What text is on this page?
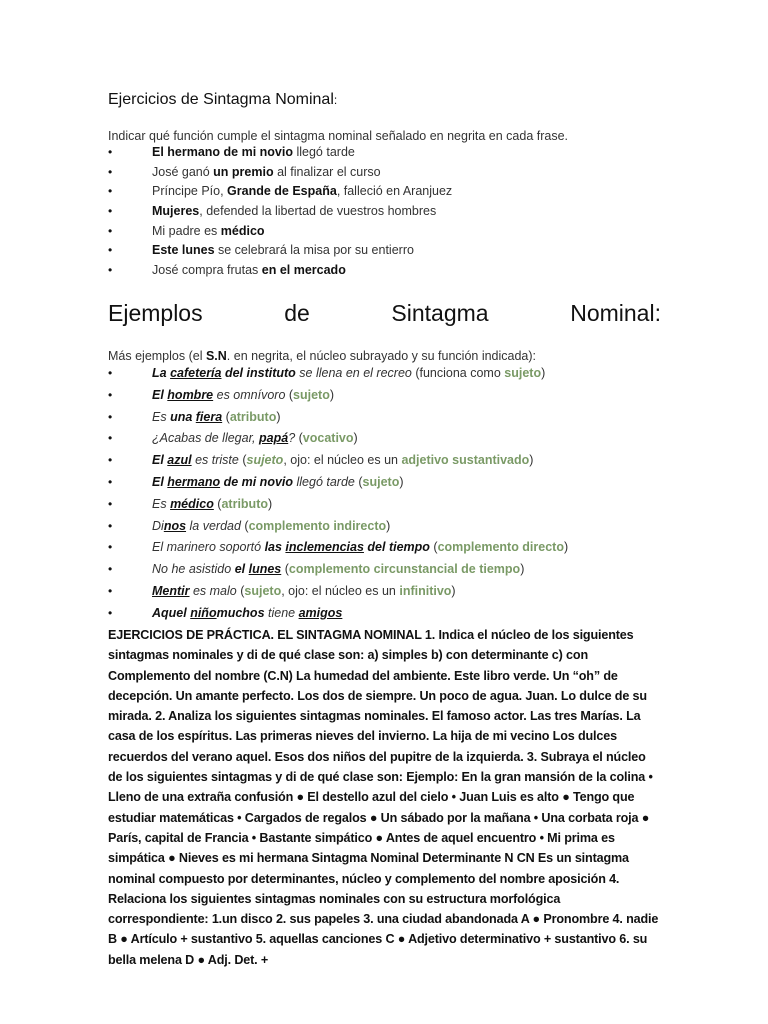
Ejercicios de Sintagma Nominal:

Indicar qué función cumple el sintagma nominal señalado en negrita en cada frase.

•	El hermano de mi novio llegó tarde
•	José ganó un premio al finalizar el curso
•	Príncipe Pío, Grande de España, falleció en Aranjuez
•	Mujeres, defended la libertad de vuestros hombres
•	Mi padre es médico
•	Este lunes se celebrará la misa por su entierro
•	José compra frutas en el mercado
Ejemplos	de	Sintagma	Nominal:

Más ejemplos (el S.N. en negrita, el núcleo subrayado y su función indicada):

•	La cafetería del instituto se llena en el recreo (funciona como sujeto)
•	El hombre es omnívoro (sujeto)
•	Es una fiera (atributo)
•	¿Acabas de llegar, papá? (vocativo)
•	El azul es triste (sujeto, ojo: el núcleo es un adjetivo sustantivado)
•	El hermano de mi novio llegó tarde (sujeto)
•	Es médico (atributo)
•	Dinos la verdad (complemento indirecto)
•	El marinero soportó las inclemencias del tiempo (complemento directo)
•	No he asistido el lunes (complemento circunstancial de tiempo)
•	Mentir es malo (sujeto, ojo: el núcleo es un infinitivo)
•	Aquel niñomuchos tiene amigos

EJERCICIOS DE PRÁCTICA. EL SINTAGMA NOMINAL 1. Indica el núcleo de los siguientes sintagmas nominales y di de qué clase son: a) simples b) con determinante c) con Complemento del nombre (C.N) La humedad del ambiente. Este libro verde. Un “oh” de decepción. Un amante perfecto. Los dos de siempre. Un poco de agua. Juan. Lo dulce de su mirada. 2. Analiza los siguientes sintagmas nominales. El famoso actor. Las tres Marías. La casa de los espíritus. Las primeras nieves del invierno. La hija de mi vecino Los dulces recuerdos del verano aquel. Esos dos niños del pupitre de la izquierda. 3. Subraya el núcleo de los siguientes sintagmas y di de qué clase son: Ejemplo: En la gran mansión de la colina • Lleno de una extraña confusión ● El destello azul del cielo • Juan Luis es alto ● Tengo que estudiar matemáticas • Cargados de regalos ● Un sábado por la mañana • Una corbata roja ● París, capital de Francia • Bastante simpático ● Antes de aquel encuentro • Mi prima es simpática ● Nieves es mi hermana Sintagma Nominal Determinante N CN Es un sintagma nominal compuesto por determinantes, núcleo y complemento del nombre aposición 4. Relaciona los siguientes sintagmas nominales con su estructura morfológica correspondiente: 1.un disco 2. sus papeles 3. una ciudad abandonada A ● Pronombre 4. nadie B ● Artículo + sustantivo 5. aquellas canciones C ● Adjetivo determinativo + sustantivo 6. su bella melena D ● Adj. Det. +
